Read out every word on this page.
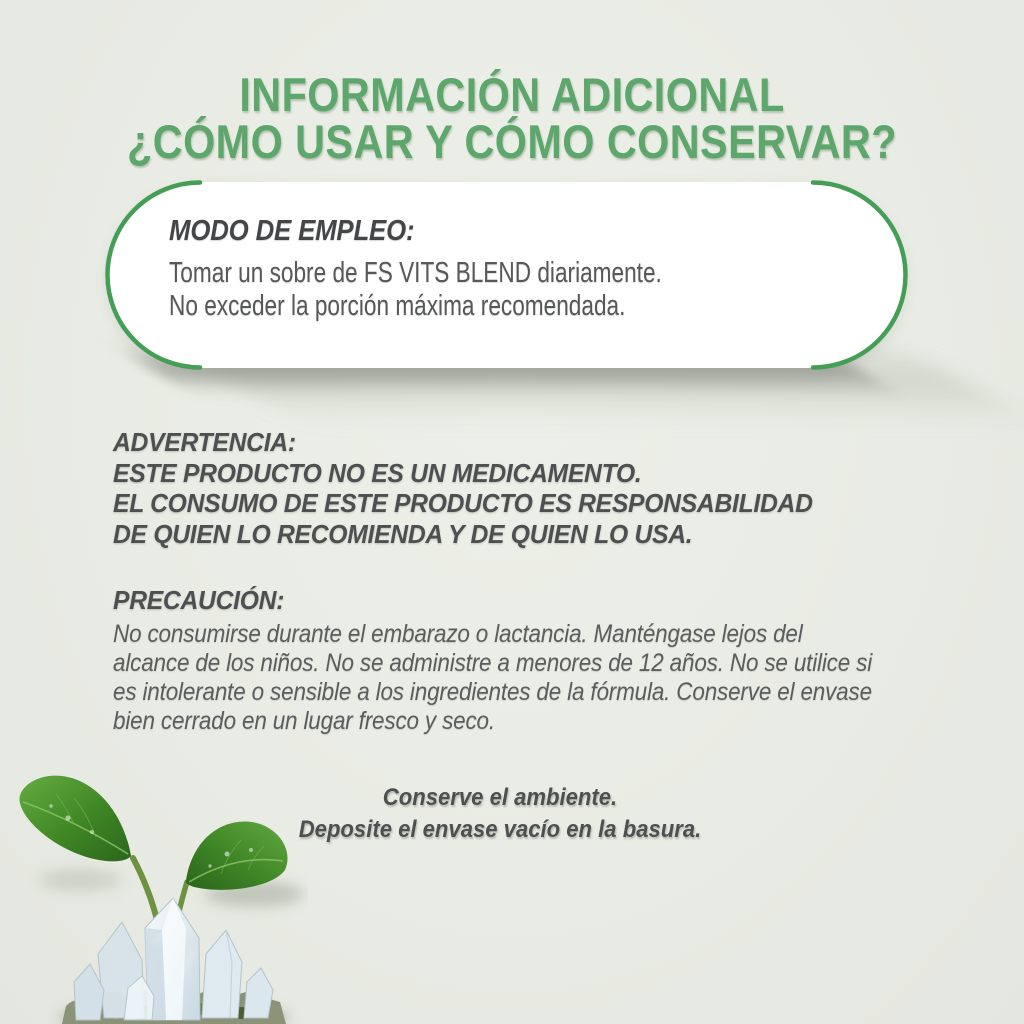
INFORMACIÓN ADICIONAL
¿CÓMO USAR Y CÓMO CONSERVAR?
MODO DE EMPLEO:
Tomar un sobre de FS VITS BLEND diariamente.
No exceder la porción máxima recomendada.
ADVERTENCIA:
ESTE PRODUCTO NO ES UN MEDICAMENTO.
EL CONSUMO DE ESTE PRODUCTO ES RESPONSABILIDAD
DE QUIEN LO RECOMIENDA Y DE QUIEN LO USA.
PRECAUCIÓN:
No consumirse durante el embarazo o lactancia. Manténgase lejos del
alcance de los niños. No se administre a menores de 12 años. No se utilice si
es intolerante o sensible a los ingredientes de la fórmula. Conserve el envase
bien cerrado en un lugar fresco y seco.
Conserve el ambiente.
Deposite el envase vacío en la basura.
